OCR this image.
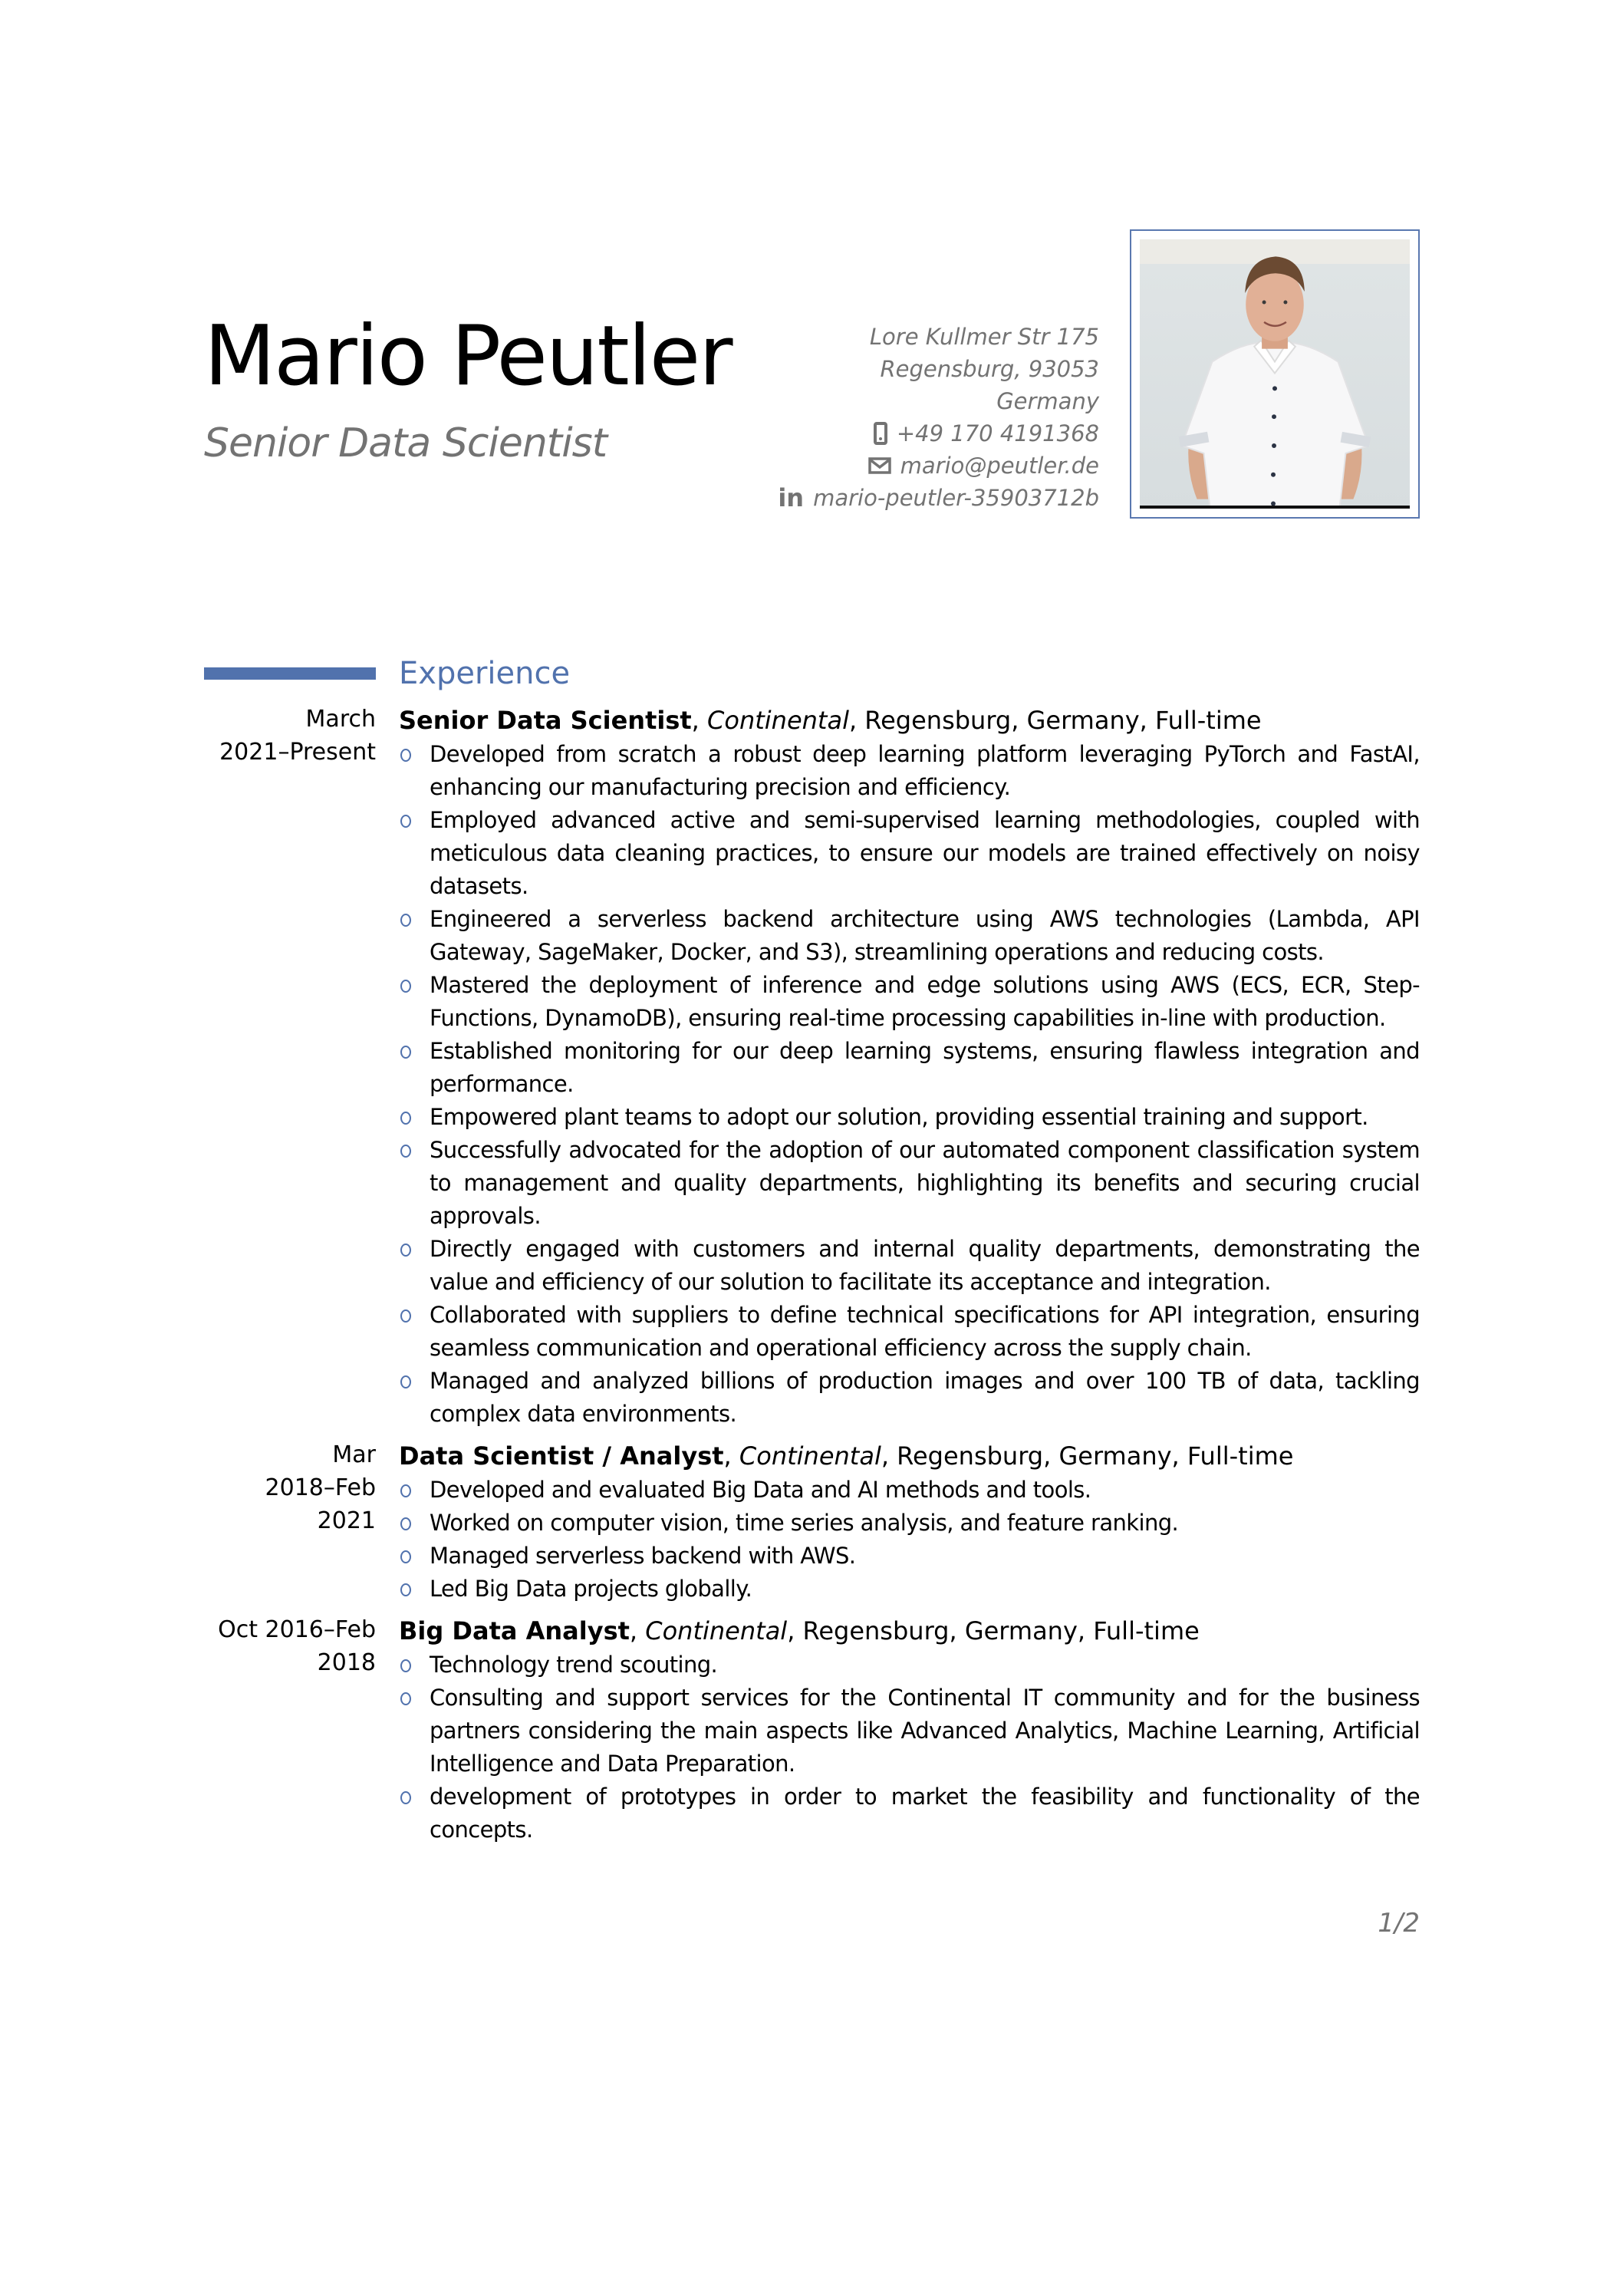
Mario Peutler
Senior Data Scientist
Lore Kullmer Str 175
Regensburg, 93053
Germany
+49 170 4191368
mario@peutler.de
in mario-peutler-35903712b
Experience
March
2021–Present
Senior Data Scientist, Continental, Regensburg, Germany, Full-time
Developed from scratch a robust deep learning platform leveraging PyTorch and FastAI, enhancing our manufacturing precision and efficiency.
Employed advanced active and semi-supervised learning methodologies, coupled with meticulous data cleaning practices, to ensure our models are trained effectively on noisy datasets.
Engineered a serverless backend architecture using AWS technologies (Lambda, API Gateway, SageMaker, Docker, and S3), streamlining operations and reducing costs.
Mastered the deployment of inference and edge solutions using AWS (ECS, ECR, Step-Functions, DynamoDB), ensuring real-time processing capabilities in-line with production.
Established monitoring for our deep learning systems, ensuring flawless integration and performance.
Empowered plant teams to adopt our solution, providing essential training and support.
Successfully advocated for the adoption of our automated component classification system to management and quality departments, highlighting its benefits and securing crucial approvals.
Directly engaged with customers and internal quality departments, demonstrating the value and efficiency of our solution to facilitate its acceptance and integration.
Collaborated with suppliers to define technical specifications for API integration, ensuring seamless communication and operational efficiency across the supply chain.
Managed and analyzed billions of production images and over 100 TB of data, tackling complex data environments.
Mar
2018–Feb
2021
Data Scientist / Analyst, Continental, Regensburg, Germany, Full-time
Developed and evaluated Big Data and AI methods and tools.
Worked on computer vision, time series analysis, and feature ranking.
Managed serverless backend with AWS.
Led Big Data projects globally.
Oct 2016–Feb
2018
Big Data Analyst, Continental, Regensburg, Germany, Full-time
Technology trend scouting.
Consulting and support services for the Continental IT community and for the business partners considering the main aspects like Advanced Analytics, Machine Learning, Artificial Intelligence and Data Preparation.
development of prototypes in order to market the feasibility and functionality of the concepts.
1/2
